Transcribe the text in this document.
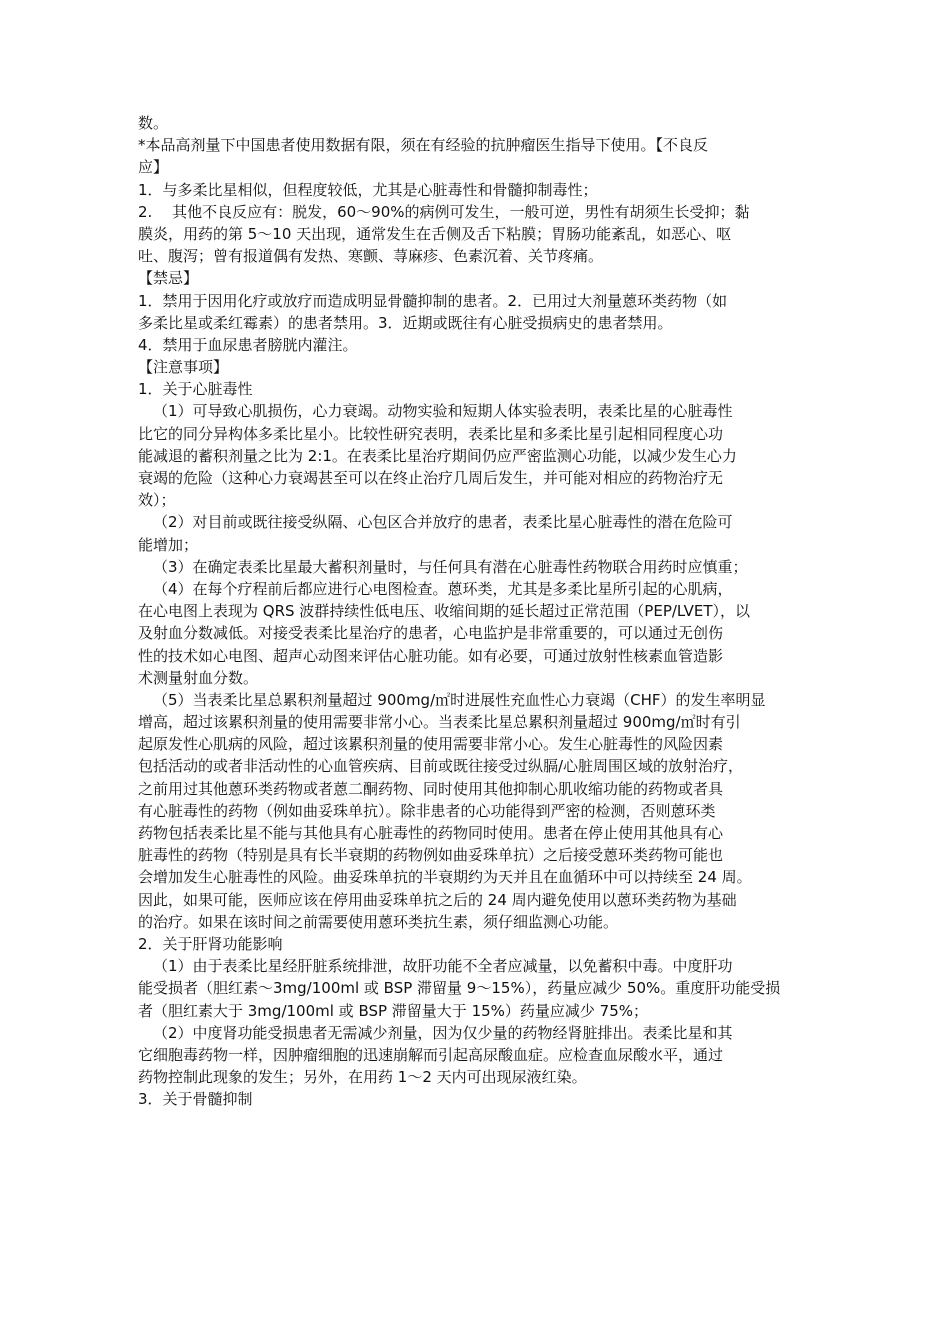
数。
*本品高剂量下中国患者使用数据有限，须在有经验的抗肿瘤医生指导下使用。【不良反
应】
1．与多柔比星相似，但程度较低，尤其是心脏毒性和骨髓抑制毒性；
2.　 其他不良反应有：脱发，60～90%的病例可发生，一般可逆，男性有胡须生长受抑；黏
膜炎，用药的第 5～10 天出现，通常发生在舌侧及舌下粘膜；胃肠功能紊乱，如恶心、呕
吐、腹泻；曾有报道偶有发热、寒颤、荨麻疹、色素沉着、关节疼痛。
【禁忌】
1．禁用于因用化疗或放疗而造成明显骨髓抑制的患者。2．已用过大剂量蒽环类药物（如
多柔比星或柔红霉素）的患者禁用。3．近期或既往有心脏受损病史的患者禁用。
4．禁用于血尿患者膀胱内灌注。
【注意事项】
1．关于心脏毒性
（1）可导致心肌损伤，心力衰竭。动物实验和短期人体实验表明，表柔比星的心脏毒性
比它的同分异构体多柔比星小。比较性研究表明，表柔比星和多柔比星引起相同程度心功
能减退的蓄积剂量之比为 2:1。在表柔比星治疗期间仍应严密监测心功能，以减少发生心力
衰竭的危险（这种心力衰竭甚至可以在终止治疗几周后发生，并可能对相应的药物治疗无
效）；
（2）对目前或既往接受纵隔、心包区合并放疗的患者，表柔比星心脏毒性的潜在危险可
能增加；
（3）在确定表柔比星最大蓄积剂量时，与任何具有潜在心脏毒性药物联合用药时应慎重；
（4）在每个疗程前后都应进行心电图检查。蒽环类，尤其是多柔比星所引起的心肌病，
在心电图上表现为 QRS 波群持续性低电压、收缩间期的延长超过正常范围（PEP/LVET），以
及射血分数减低。对接受表柔比星治疗的患者，心电监护是非常重要的，可以通过无创伤
性的技术如心电图、超声心动图来评估心脏功能。如有必要，可通过放射性核素血管造影
术测量射血分数。
（5）当表柔比星总累积剂量超过 900mg/㎡时进展性充血性心力衰竭（CHF）的发生率明显
增高，超过该累积剂量的使用需要非常小心。当表柔比星总累积剂量超过 900mg/㎡时有引
起原发性心肌病的风险，超过该累积剂量的使用需要非常小心。发生心脏毒性的风险因素
包括活动的或者非活动性的心血管疾病、目前或既往接受过纵膈/心脏周围区域的放射治疗，
之前用过其他蒽环类药物或者蒽二酮药物、同时使用其他抑制心肌收缩功能的药物或者具
有心脏毒性的药物（例如曲妥珠单抗）。除非患者的心功能得到严密的检测，否则蒽环类
药物包括表柔比星不能与其他具有心脏毒性的药物同时使用。患者在停止使用其他具有心
脏毒性的药物（特别是具有长半衰期的药物例如曲妥珠单抗）之后接受蒽环类药物可能也
会增加发生心脏毒性的风险。曲妥珠单抗的半衰期约为天并且在血循环中可以持续至 24 周。
因此，如果可能，医师应该在停用曲妥珠单抗之后的 24 周内避免使用以蒽环类药物为基础
的治疗。如果在该时间之前需要使用蒽环类抗生素，须仔细监测心功能。
2．关于肝肾功能影响
（1）由于表柔比星经肝脏系统排泄，故肝功能不全者应减量，以免蓄积中毒。中度肝功
能受损者（胆红素～3mg/100ml 或 BSP 滞留量 9～15%），药量应减少 50%。重度肝功能受损
者（胆红素大于 3mg/100ml 或 BSP 滞留量大于 15%）药量应减少 75%；
（2）中度肾功能受损患者无需减少剂量，因为仅少量的药物经肾脏排出。表柔比星和其
它细胞毒药物一样，因肿瘤细胞的迅速崩解而引起高尿酸血症。应检查血尿酸水平，通过
药物控制此现象的发生；另外，在用药 1～2 天内可出现尿液红染。
3．关于骨髓抑制
